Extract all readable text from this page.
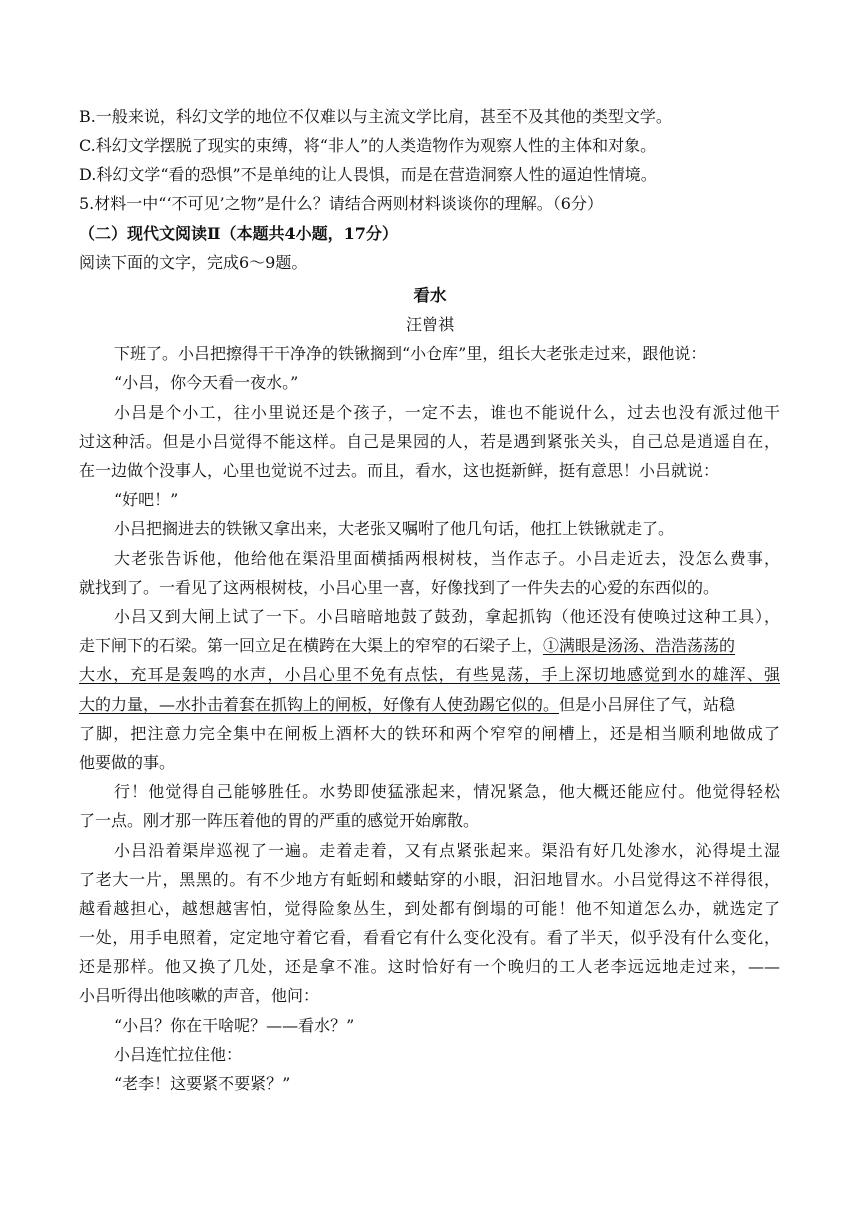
B.一般来说，科幻文学的地位不仅难以与主流文学比肩，甚至不及其他的类型文学。
C.科幻文学摆脱了现实的束缚，将“非人”的人类造物作为观察人性的主体和对象。
D.科幻文学“看的恐惧”不是单纯的让人畏惧，而是在营造洞察人性的逼迫性情境。
5.材料一中“‘不可见’之物”是什么？请结合两则材料谈谈你的理解。（6分）
（二）现代文阅读Ⅱ（本题共4小题，17分）
阅读下面的文字，完成6～9题。
看水
汪曾祺
下班了。小吕把擦得干干净净的铁锹搁到“小仓库”里，组长大老张走过来，跟他说：
“小吕，你今天看一夜水。”
小吕是个小工，往小里说还是个孩子，一定不去，谁也不能说什么，过去也没有派过他干
过这种活。但是小吕觉得不能这样。自己是果园的人，若是遇到紧张关头，自己总是逍遥自在，
在一边做个没事人，心里也觉说不过去。而且，看水，这也挺新鲜，挺有意思！小吕就说：
“好吧！”
小吕把搁进去的铁锹又拿出来，大老张又嘱咐了他几句话，他扛上铁锹就走了。
大老张告诉他，他给他在渠沿里面横插两根树枝，当作志子。小吕走近去，没怎么费事，
就找到了。一看见了这两根树枝，小吕心里一喜，好像找到了一件失去的心爱的东西似的。
小吕又到大闸上试了一下。小吕暗暗地鼓了鼓劲，拿起抓钩（他还没有使唤过这种工具），
走下闸下的石梁。第一回立足在横跨在大渠上的窄窄的石梁子上，①满眼是汤汤、浩浩荡荡的
大水，充耳是轰鸣的水声，小吕心里不免有点怯，有些晃荡，手上深切地感觉到水的雄浑、强
大的力量，—水扑击着套在抓钩上的闸板，好像有人使劲踢它似的。但是小吕屏住了气，站稳
了脚，把注意力完全集中在闸板上酒杯大的铁环和两个窄窄的闸槽上，还是相当顺利地做成了
他要做的事。
行！他觉得自己能够胜任。水势即使猛涨起来，情况紧急，他大概还能应付。他觉得轻松
了一点。刚才那一阵压着他的胃的严重的感觉开始廓散。
小吕沿着渠岸巡视了一遍。走着走着，又有点紧张起来。渠沿有好几处渗水，沁得堤土湿
了老大一片，黑黑的。有不少地方有蚯蚓和蝼蛄穿的小眼，汩汩地冒水。小吕觉得这不祥得很，
越看越担心，越想越害怕，觉得险象丛生，到处都有倒塌的可能！他不知道怎么办，就选定了
一处，用手电照着，定定地守着它看，看看它有什么变化没有。看了半天，似乎没有什么变化，
还是那样。他又换了几处，还是拿不准。这时恰好有一个晚归的工人老李远远地走过来，——
小吕听得出他咳嗽的声音，他问：
“小吕？你在干啥呢？——看水？”
小吕连忙拉住他：
“老李！这要紧不要紧？”
